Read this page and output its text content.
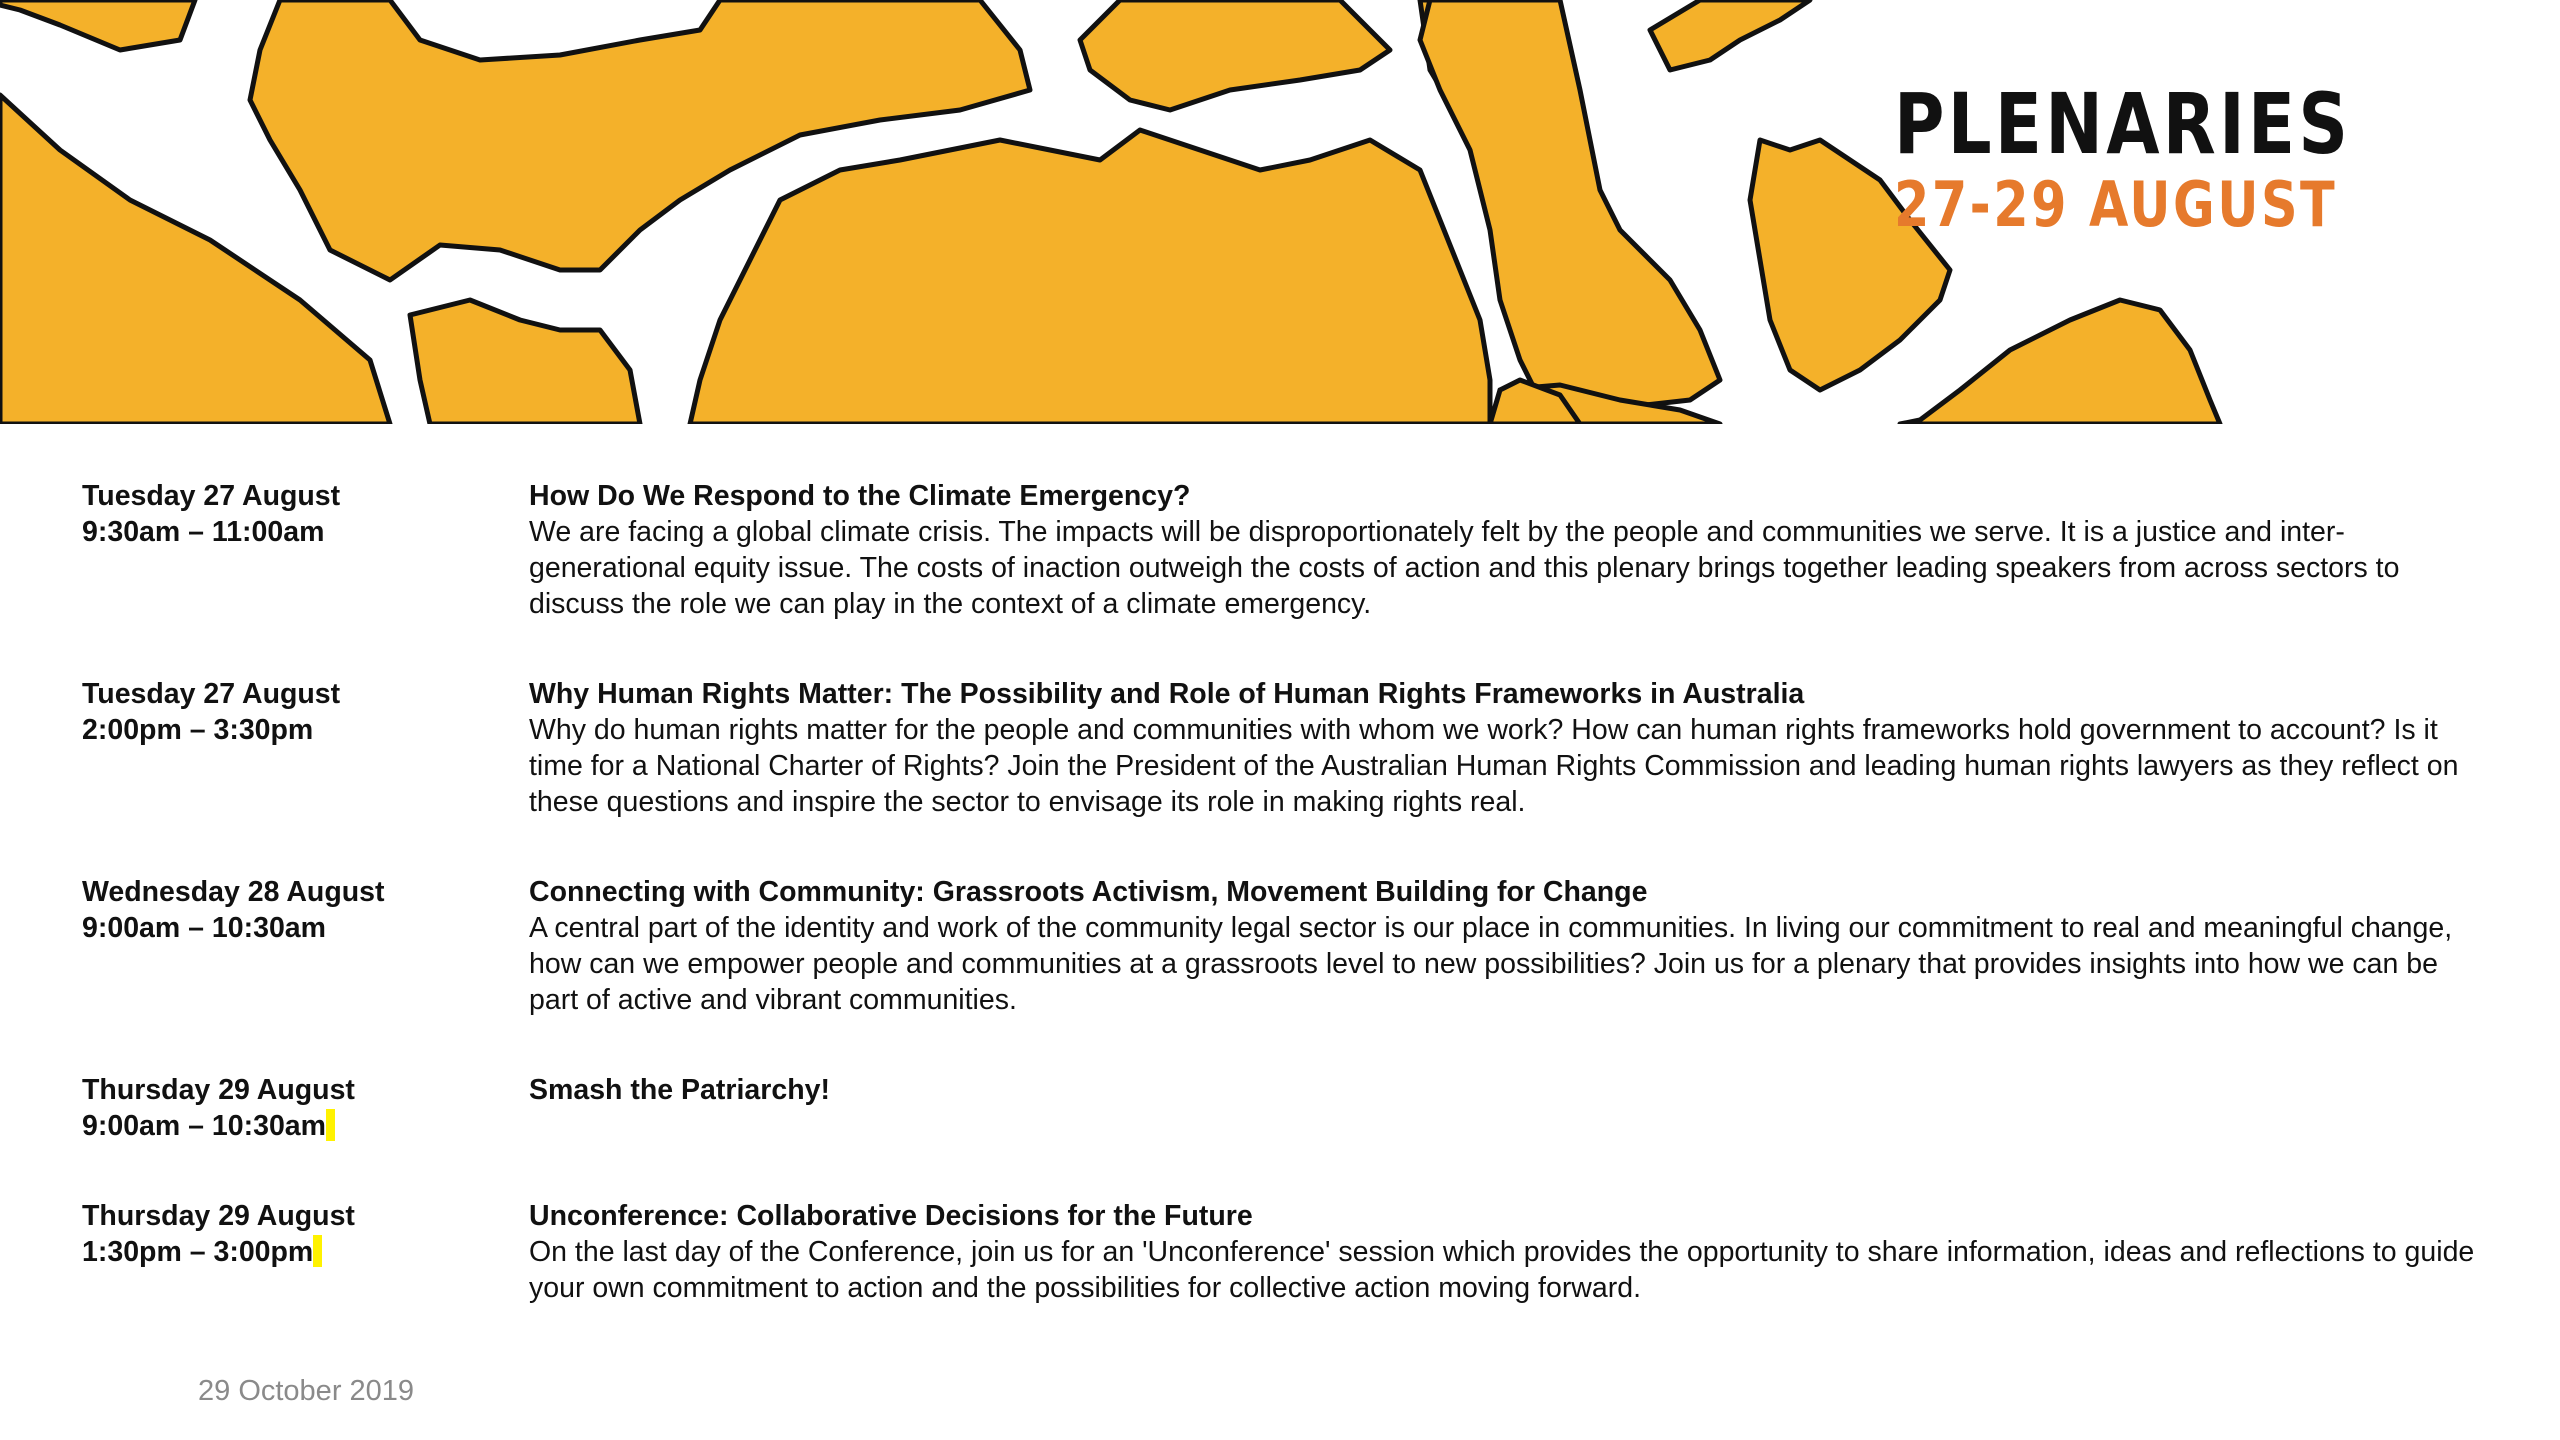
PLENARIES
27-29 AUGUST
Tuesday 27 August
9:30am – 11:00am
How Do We Respond to the Climate Emergency?
We are facing a global climate crisis. The impacts will be disproportionately felt by the people and communities we serve. It is a justice and inter-generational equity issue. The costs of inaction outweigh the costs of action and this plenary brings together leading speakers from across sectors to discuss the role we can play in the context of a climate emergency.
Tuesday 27 August
2:00pm – 3:30pm
Why Human Rights Matter: The Possibility and Role of Human Rights Frameworks in Australia
Why do human rights matter for the people and communities with whom we work? How can human rights frameworks hold government to account? Is it time for a National Charter of Rights? Join the President of the Australian Human Rights Commission and leading human rights lawyers as they reflect on these questions and inspire the sector to envisage its role in making rights real.
Wednesday 28 August
9:00am – 10:30am
Connecting with Community: Grassroots Activism, Movement Building for Change
A central part of the identity and work of the community legal sector is our place in communities. In living our commitment to real and meaningful change, how can we empower people and communities at a grassroots level to new possibilities? Join us for a plenary that provides insights into how we can be part of active and vibrant communities.
Thursday 29 August
9:00am – 10:30am
Smash the Patriarchy!
Thursday 29 August
1:30pm – 3:00pm
Unconference: Collaborative Decisions for the Future
On the last day of the Conference, join us for an 'Unconference' session which provides the opportunity to share information, ideas and reflections to guide your own commitment to action and the possibilities for collective action moving forward.
29 October 2019
